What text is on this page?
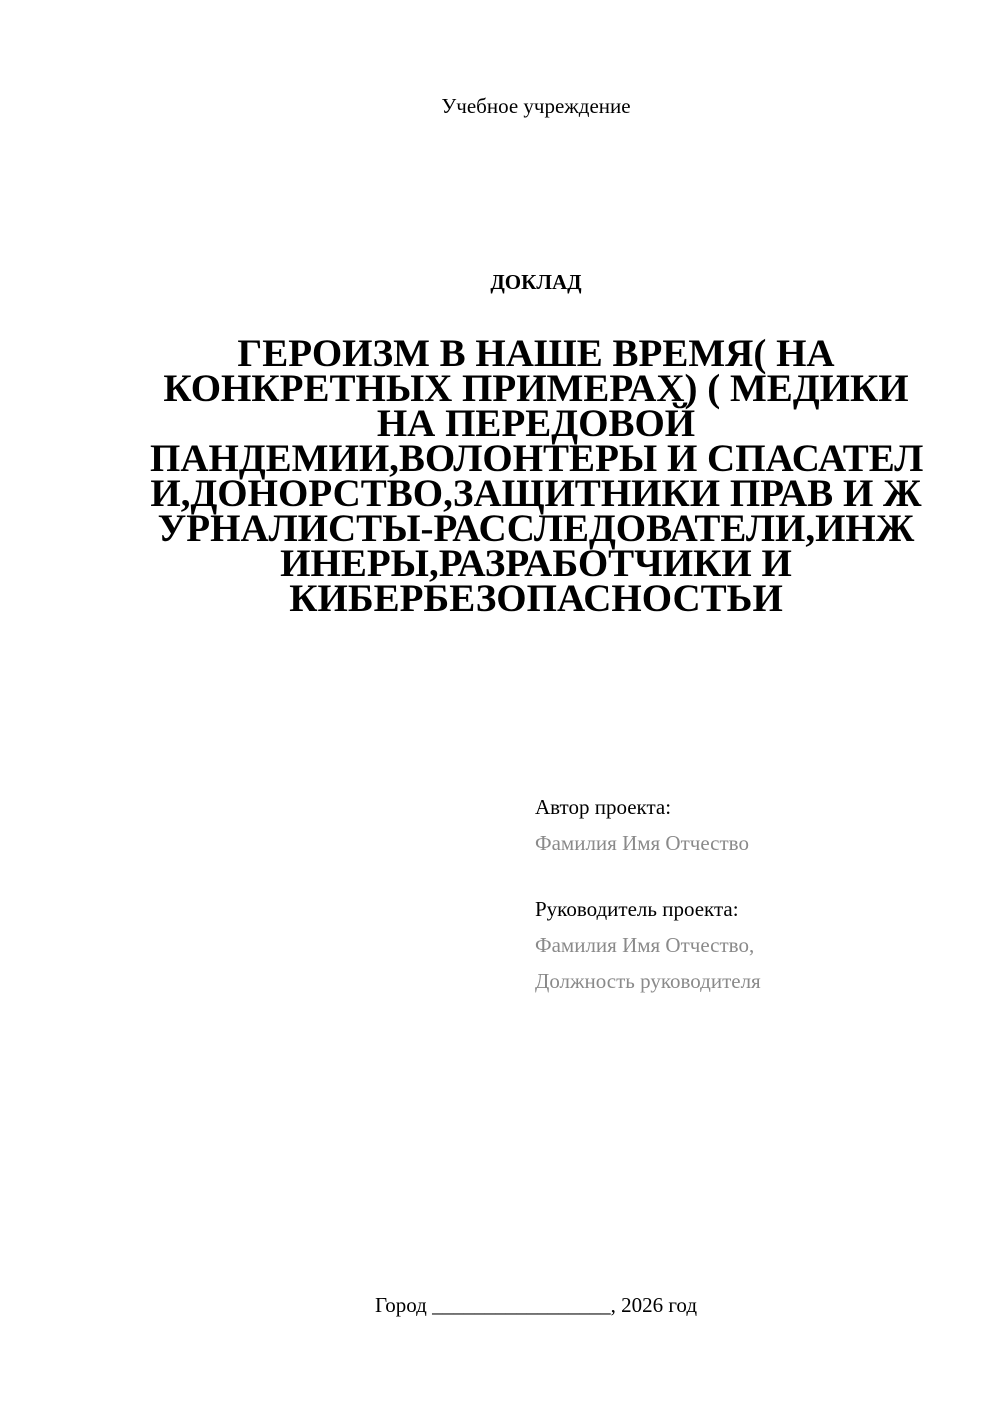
Учебное учреждение
ДОКЛАД
ГЕРОИЗМ В НАШЕ ВРЕМЯ( НА
КОНКРЕТНЫХ ПРИМЕРАХ) ( МЕДИКИ
НА ПЕРЕДОВОЙ
ПАНДЕМИИ,ВОЛОНТЕРЫ И СПАСАТЕЛ
И,ДОНОРСТВО,ЗАЩИТНИКИ ПРАВ И Ж
УРНАЛИСТЫ-РАССЛЕДОВАТЕЛИ,ИНЖ
ИНЕРЫ,РАЗРАБОТЧИКИ И
КИБЕРБЕЗОПАСНОСТЬИ
Автор проекта:
Фамилия Имя Отчество
Руководитель проекта:
Фамилия Имя Отчество,
Должность руководителя
Город _________________, 2026 год
